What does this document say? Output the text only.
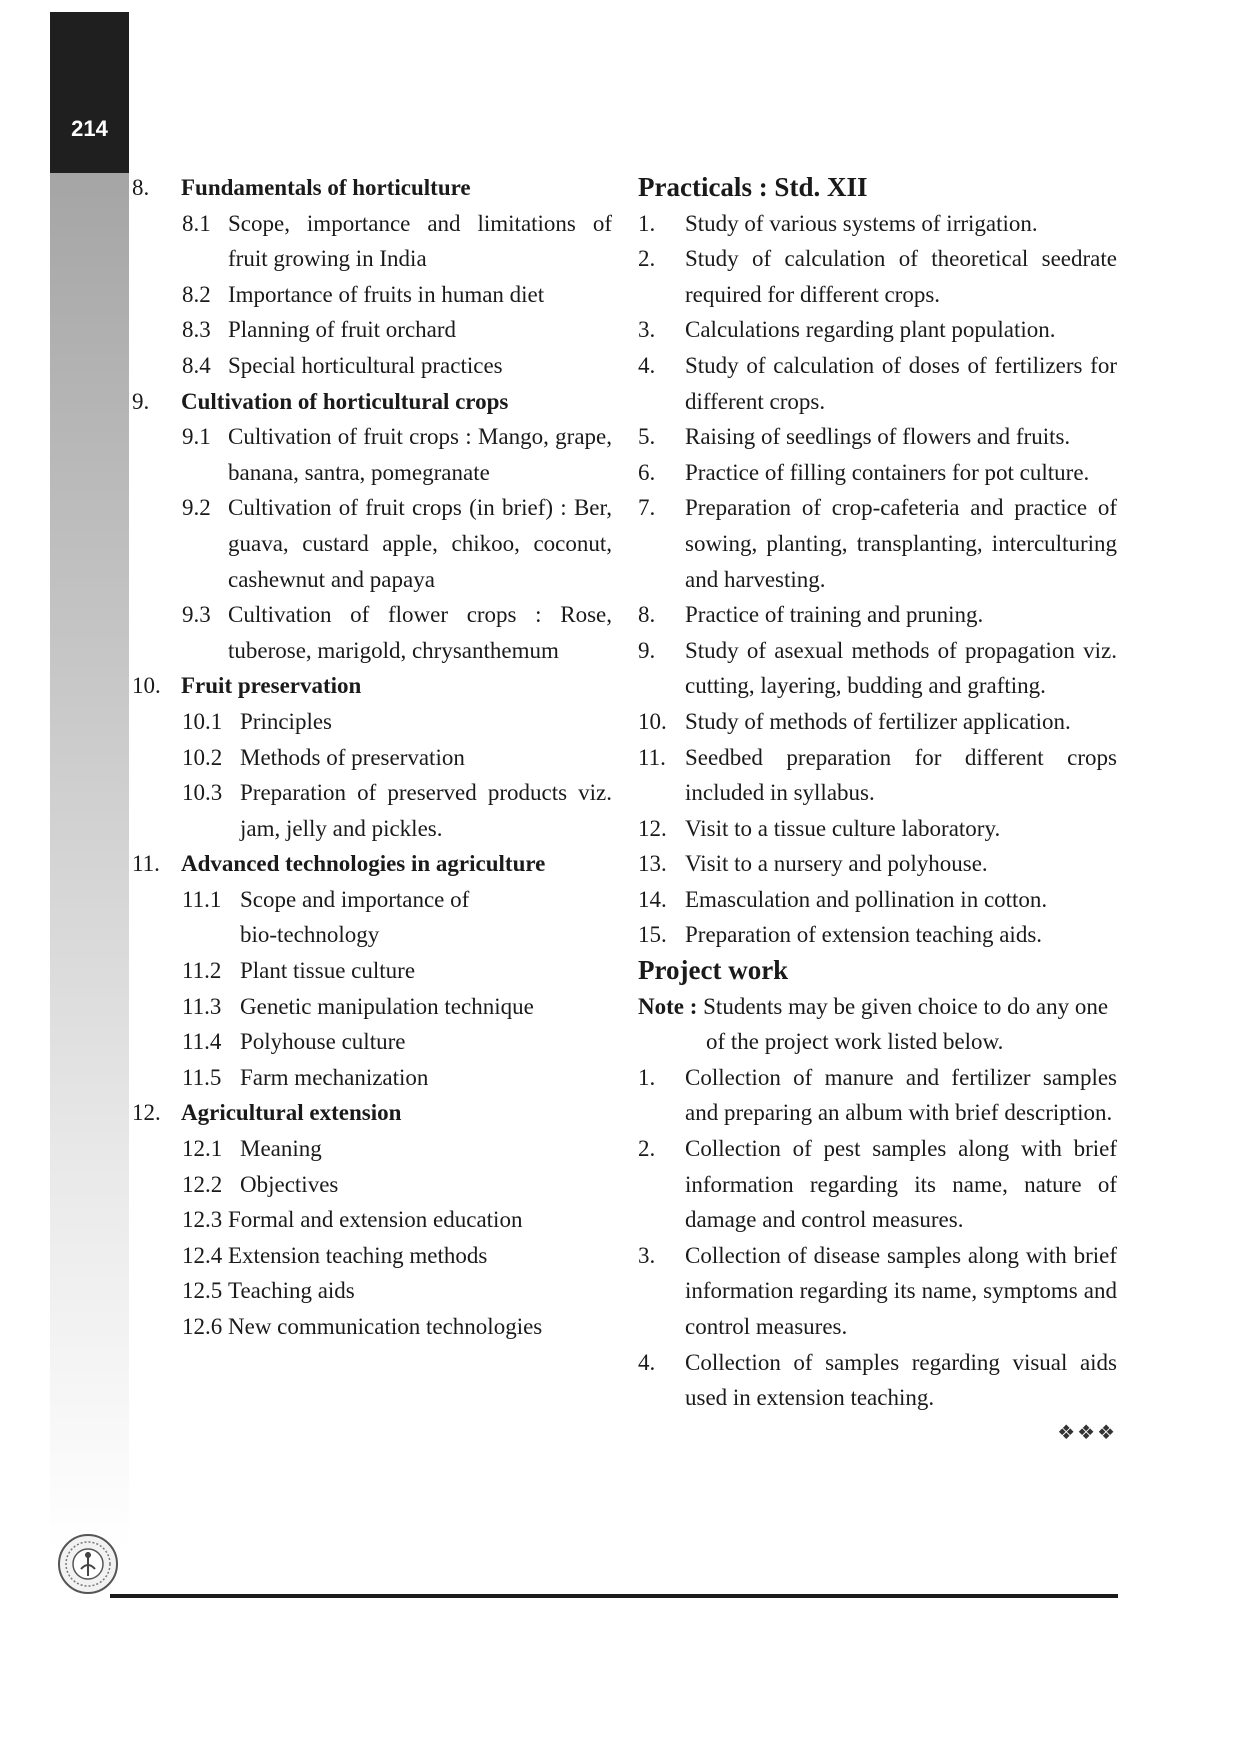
214
8.	Fundamentals of horticulture
8.1 Scope, importance and limitations of fruit growing in India
8.2 Importance of fruits in human diet
8.3 Planning of fruit orchard
8.4 Special horticultural practices
9.	Cultivation of horticultural crops
9.1 Cultivation of fruit crops : Mango, grape, banana, santra, pomegranate
9.2 Cultivation of fruit crops (in brief) : Ber, guava, custard apple, chikoo, coconut, cashewnut and papaya
9.3 Cultivation of flower crops : Rose, tuberose, marigold, chrysanthemum
10. Fruit preservation
10.1 Principles
10.2 Methods of preservation
10.3 Preparation of preserved products viz. jam, jelly and pickles.
11. Advanced technologies in agriculture
11.1 Scope and importance of bio-technology
11.2 Plant tissue culture
11.3 Genetic manipulation technique
11.4 Polyhouse culture
11.5 Farm mechanization
12. Agricultural extension
12.1 Meaning
12.2 Objectives
12.3 Formal and extension education
12.4 Extension teaching methods
12.5 Teaching aids
12.6 New communication technologies
Practicals : Std. XII
1.	Study of various systems of irrigation.
2.	Study of calculation of theoretical seedrate required for different crops.
3.	Calculations regarding plant population.
4.	Study of calculation of doses of fertilizers for different crops.
5.	Raising of seedlings of flowers and fruits.
6.	Practice of filling containers for pot culture.
7.	Preparation of crop-cafeteria and practice of sowing, planting, transplanting, interculturing and harvesting.
8.	Practice of training and pruning.
9.	Study of asexual methods of propagation viz. cutting, layering, budding and grafting.
10. Study of methods of fertilizer application.
11. Seedbed preparation for different crops included in syllabus.
12. Visit to a tissue culture laboratory.
13. Visit to a nursery and polyhouse.
14. Emasculation and pollination in cotton.
15. Preparation of extension teaching aids.
Project work
Note : Students may be given choice to do any one of the project work listed below.
1.	Collection of manure and fertilizer samples and preparing an album with brief description.
2.	Collection of pest samples along with brief information regarding its name, nature of damage and control measures.
3.	Collection of disease samples along with brief information regarding its name, symptoms and control measures.
4.	Collection of samples regarding visual aids used in extension teaching.
❖❖❖
